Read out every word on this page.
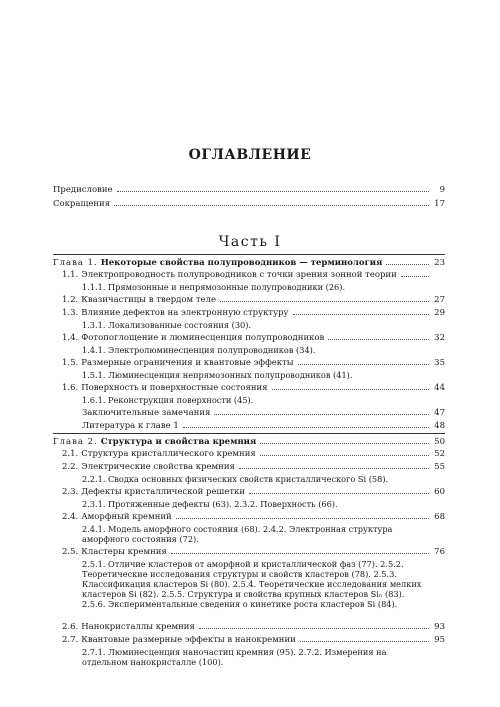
ОГЛАВЛЕНИЕ
Предисловие	9
Сокращения	17
Часть I
Глава 1. Некоторые свойства полупроводников — терминология	23
1.1. Электропроводность полупроводников с точки зрения зонной теории
1.1.1. Прямозонные и непрямозонные полупроводники (26).
1.2. Квазичастицы в твердом теле	27
1.3. Влияние дефектов на электронную структуру	29
1.3.1. Локализованные состояния (30).
1.4. Фотопоглощение и люминесценция полупроводников	32
1.4.1. Электролюминесценция полупроводников (34).
1.5. Размерные ограничения и квантовые эффекты	35
1.5.1. Люминесценция непрямозонных полупроводников (41).
1.6. Поверхность и поверхностные состояния	44
1.6.1. Реконструкция поверхности (45).
Заключительные замечания	47
Литература к главе 1	48
Глава 2. Структура и свойства кремния	50
2.1. Структура кристаллического кремния	52
2.2. Электрические свойства кремния	55
2.2.1. Сводка основных физических свойств кристаллического Si (58).
2.3. Дефекты кристаллической решетки	60
2.3.1. Протяженные дефекты (63). 2.3.2. Поверхность (66).
2.4. Аморфный кремний	68
2.4.1. Модель аморфного состояния (68). 2.4.2. Электронная структура аморфного состояния (72).
2.5. Кластеры кремния	76
2.5.1. Отличие кластеров от аморфной и кристаллической фаз (77). 2.5.2. Теоретические исследования структуры и свойств кластеров (78). 2.5.3. Классификация кластеров Si (80). 2.5.4. Теоретические исследования мелких кластеров Si (82). 2.5.5. Структура и свойства крупных кластеров Siₙ (83). 2.5.6. Экспериментальные сведения о кинетике роста кластеров Si (84).
2.6. Нанокристаллы кремния	93
2.7. Квантовые размерные эффекты в нанокремнии	95
2.7.1. Люминесценция наночастиц кремния (95). 2.7.2. Измерения на отдельном нанокристалле (100).
